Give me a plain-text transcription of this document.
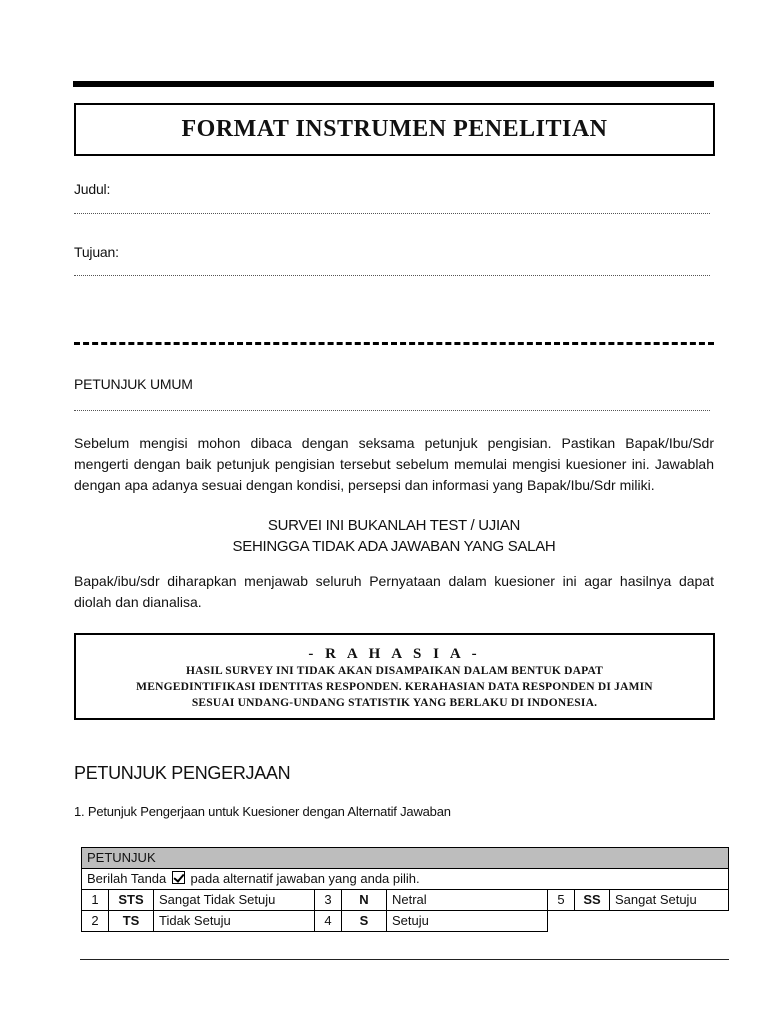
FORMAT INSTRUMEN PENELITIAN
Judul:
Tujuan:
PETUNJUK UMUM
Sebelum mengisi mohon dibaca dengan seksama petunjuk pengisian. Pastikan Bapak/Ibu/Sdr mengerti dengan baik petunjuk pengisian tersebut sebelum memulai mengisi kuesioner ini. Jawablah dengan apa adanya sesuai dengan kondisi, persepsi dan informasi yang Bapak/Ibu/Sdr miliki.
SURVEI INI BUKANLAH TEST / UJIAN
SEHINGGA TIDAK ADA JAWABAN YANG SALAH
Bapak/ibu/sdr diharapkan menjawab seluruh Pernyataan dalam kuesioner ini agar hasilnya dapat diolah dan dianalisa.
- R A H A S I A -
HASIL SURVEY INI TIDAK AKAN DISAMPAIKAN DALAM BENTUK DAPAT
MENGEDINTIFIKASI IDENTITAS RESPONDEN. KERAHASIAN DATA RESPONDEN DI JAMIN
SESUAI UNDANG-UNDANG STATISTIK YANG BERLAKU DI INDONESIA.
PETUNJUK PENGERJAAN
1. Petunjuk Pengerjaan untuk Kuesioner dengan Alternatif Jawaban
PETUNJUK								
Berilah Tanda pada alternatif jawaban yang anda pilih.								
1	STS	Sangat Tidak Setuju	3	N	Netral	5	SS	Sangat Setuju
2	TS	Tidak Setuju	4	S	Setuju			
